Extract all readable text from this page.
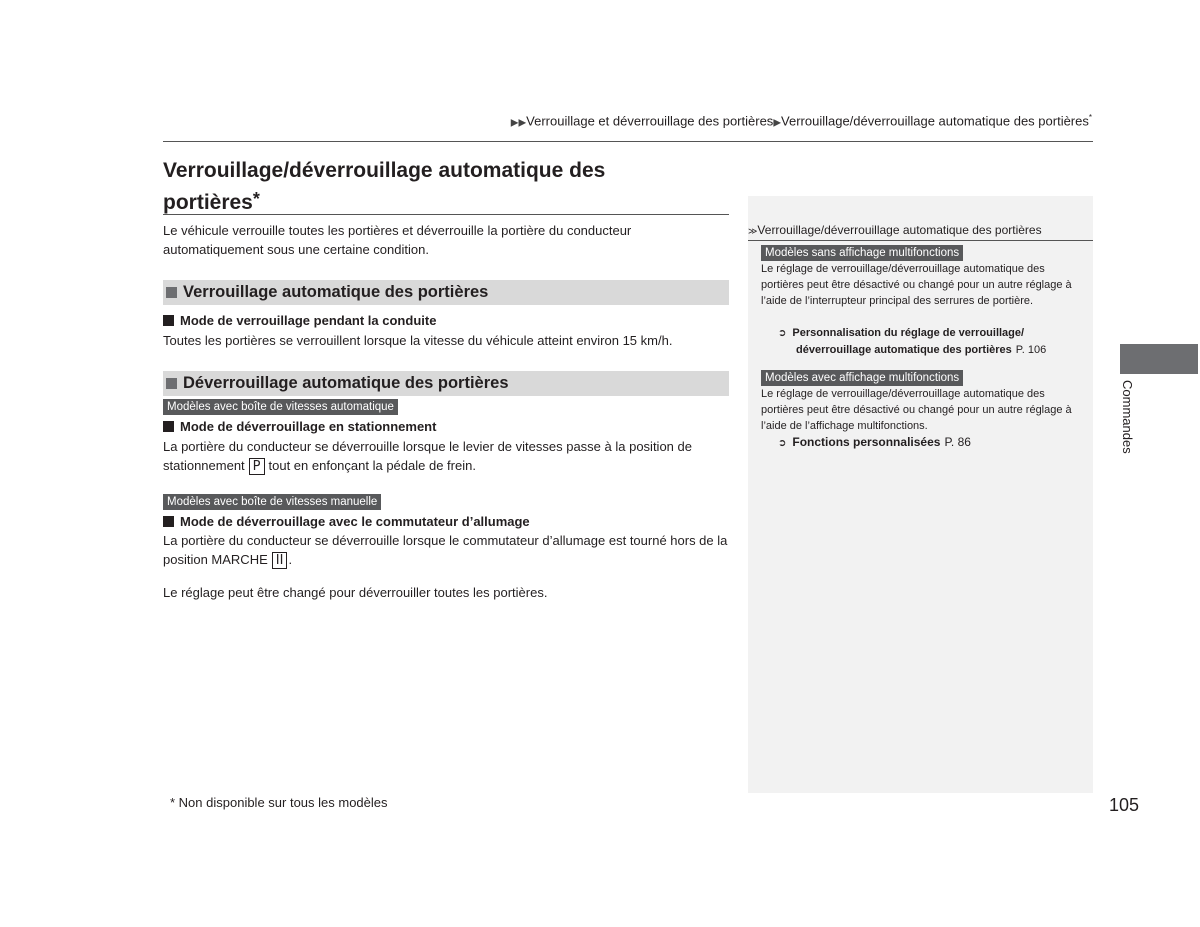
▶▶Verrouillage et déverrouillage des portières▶Verrouillage/déverrouillage automatique des portières*
Verrouillage/déverrouillage automatique des portières*
Le véhicule verrouille toutes les portières et déverrouille la portière du conducteur automatiquement sous une certaine condition.
Verrouillage automatique des portières
Mode de verrouillage pendant la conduite
Toutes les portières se verrouillent lorsque la vitesse du véhicule atteint environ 15 km/h.
Déverrouillage automatique des portières
Modèles avec boîte de vitesses automatique
Mode de déverrouillage en stationnement
La portière du conducteur se déverrouille lorsque le levier de vitesses passe à la position de stationnement P tout en enfonçant la pédale de frein.
Modèles avec boîte de vitesses manuelle
Mode de déverrouillage avec le commutateur d’allumage
La portière du conducteur se déverrouille lorsque le commutateur d’allumage est tourné hors de la position MARCHE II .
Le réglage peut être changé pour déverrouiller toutes les portières.
≫Verrouillage/déverrouillage automatique des portières
Modèles sans affichage multifonctions
Le réglage de verrouillage/déverrouillage automatique des portières peut être désactivé ou changé pour un autre réglage à l’aide de l’interrupteur principal des serrures de portière.
➲ Personnalisation du réglage de verrouillage/
déverrouillage automatique des portières P. 106
Modèles avec affichage multifonctions
Le réglage de verrouillage/déverrouillage automatique des portières peut être désactivé ou changé pour un autre réglage à l’aide de l’affichage multifonctions.
➲ Fonctions personnalisées P. 86	Commandes
* Non disponible sur tous les modèles	105
